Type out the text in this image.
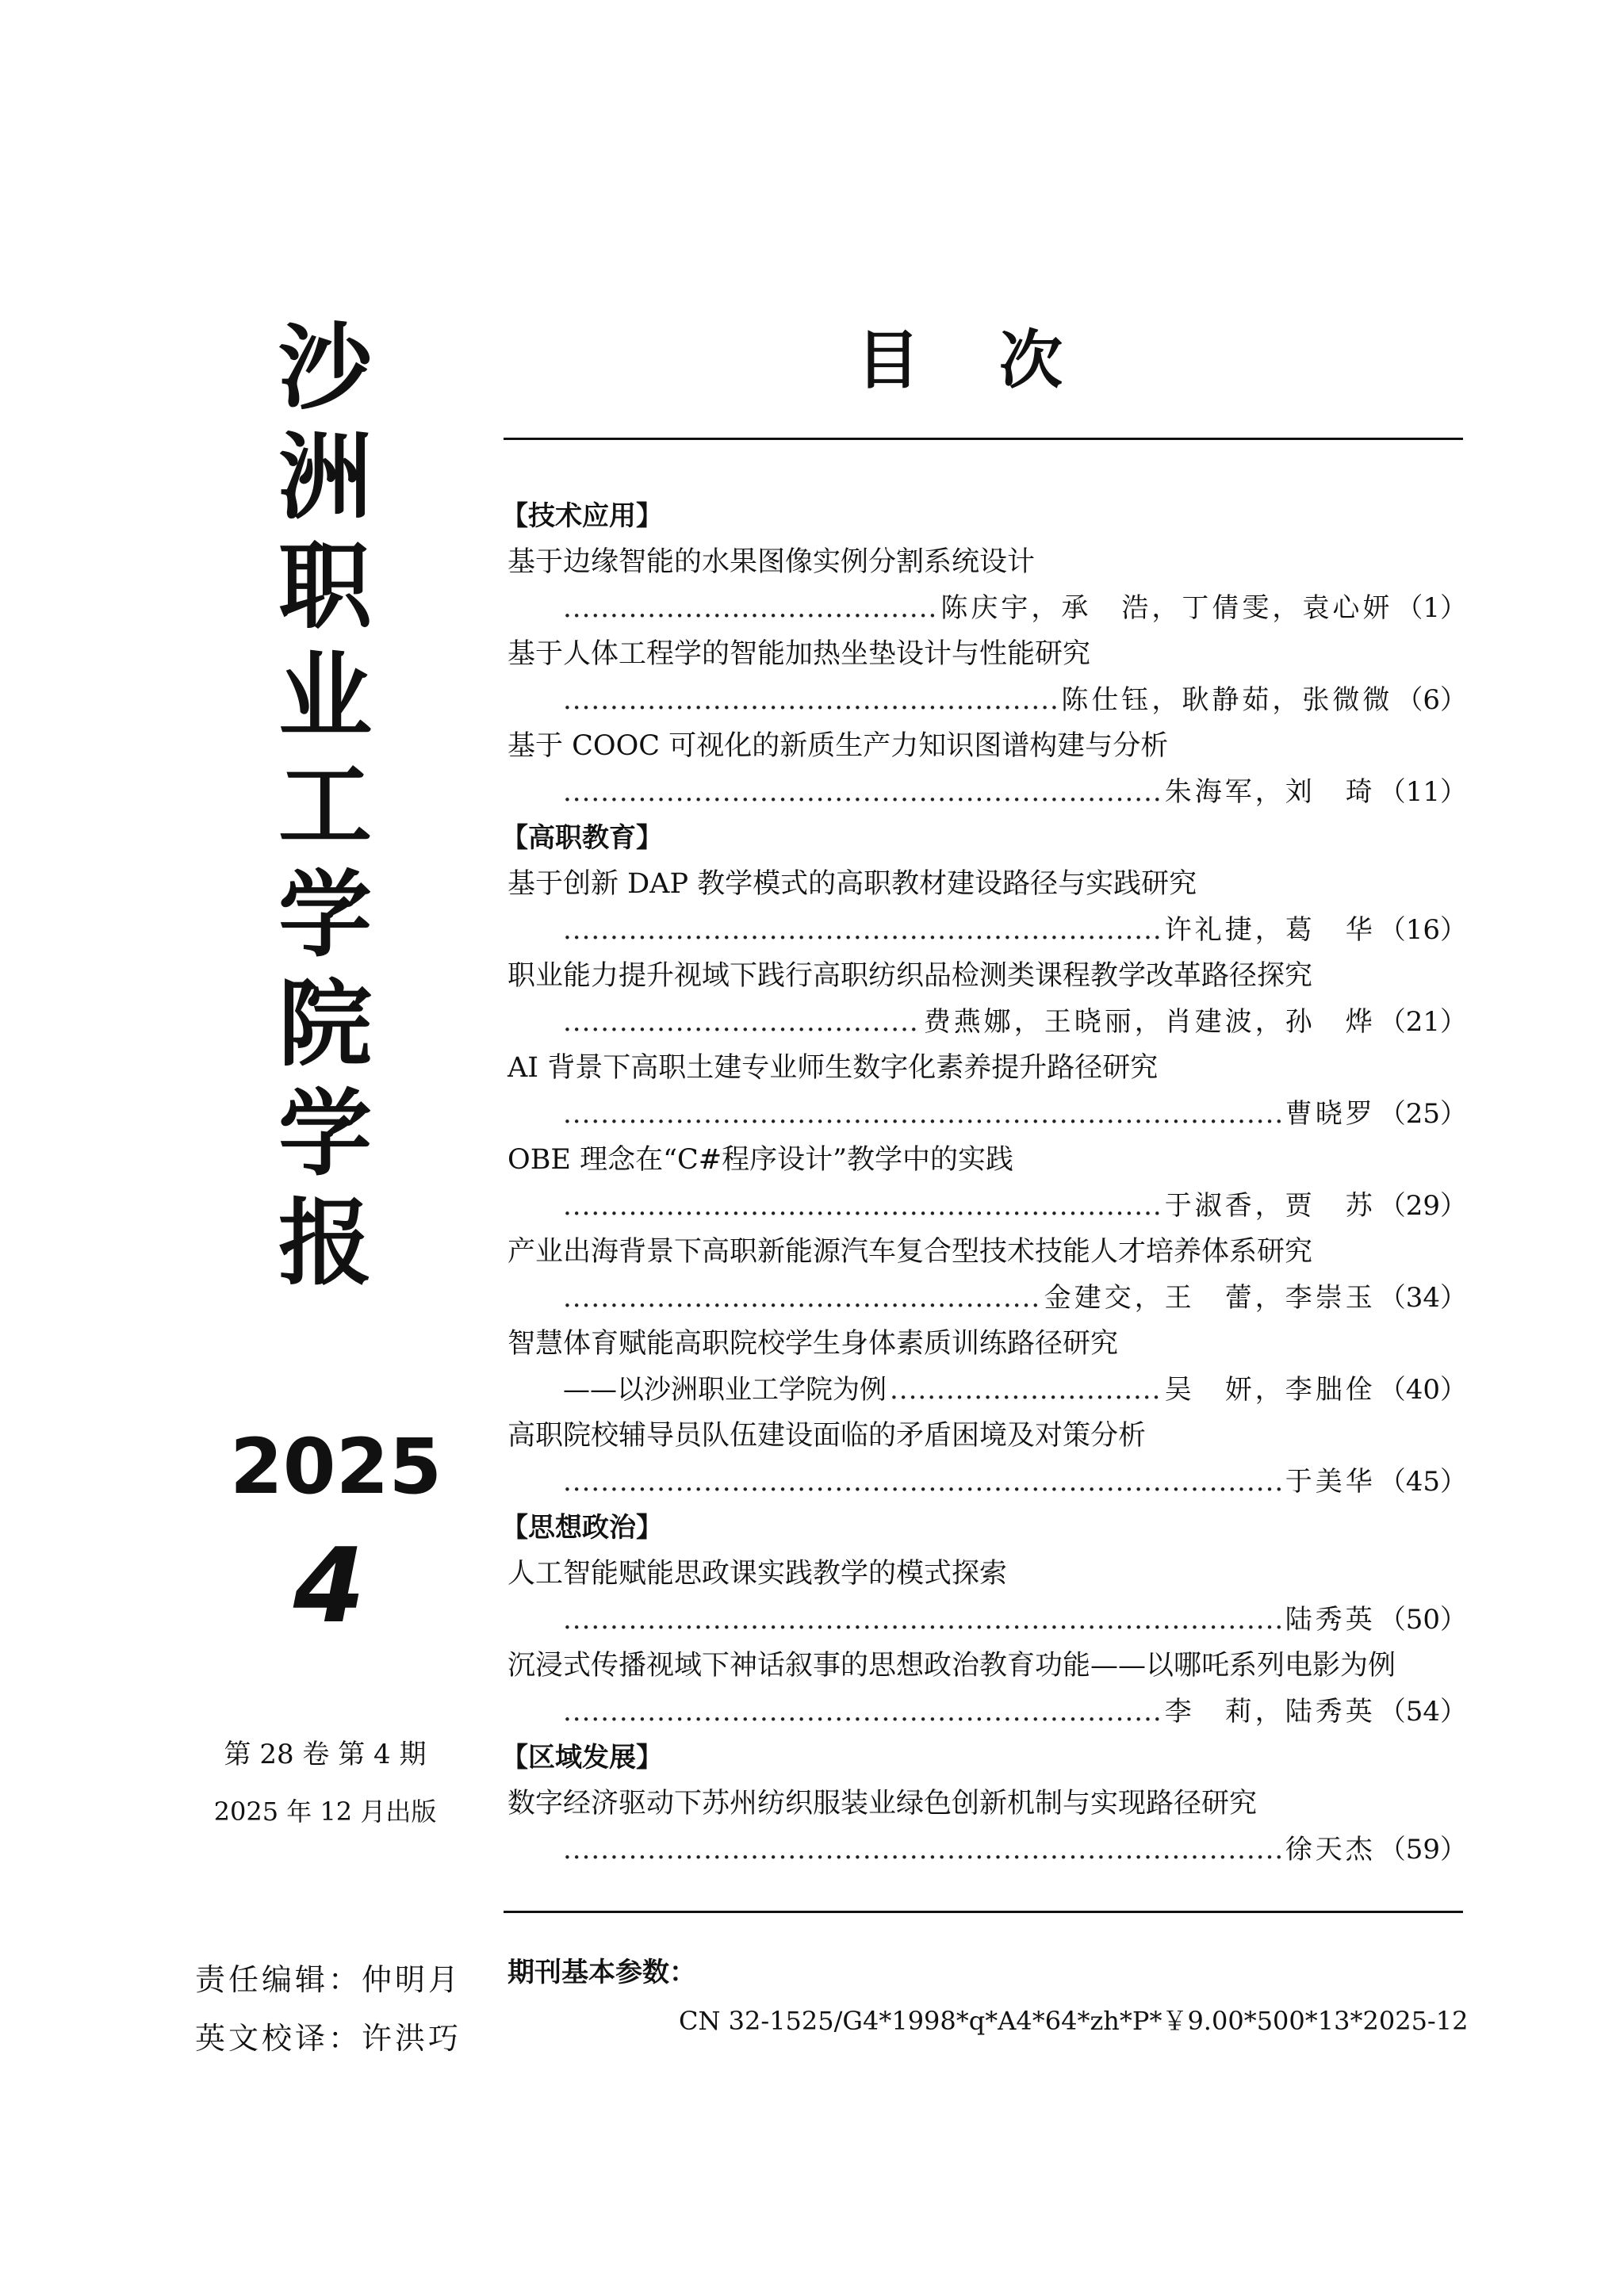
沙
洲
职
业
工
学
院
学
报
2025
4
第 28 卷 第 4 期
2025 年 12 月出版
责任编辑：仲明月
英文校译：许洪巧
目次
【技术应用】
基于边缘智能的水果图像实例分割系统设计
.....
陈庆宇，承　浩，丁倩雯，袁心妍 （1）
基于人体工程学的智能加热坐垫设计与性能研究
.....
陈仕钰，耿静茹，张微微 （6）
基于 COOC 可视化的新质生产力知识图谱构建与分析
.....
朱海军，刘　琦 （11）
【高职教育】
基于创新 DAP 教学模式的高职教材建设路径与实践研究
.....
许礼捷，葛　华 （16）
职业能力提升视域下践行高职纺织品检测类课程教学改革路径探究
.....
费燕娜，王晓丽，肖建波，孙　烨 （21）
AI 背景下高职土建专业师生数字化素养提升路径研究
.....
曹晓罗 （25）
OBE 理念在“C#程序设计”教学中的实践
.....
于淑香，贾　苏 （29）
产业出海背景下高职新能源汽车复合型技术技能人才培养体系研究
.....
金建交，王　蕾，李崇玉 （34）
智慧体育赋能高职院校学生身体素质训练路径研究
——以沙洲职业工学院为例
.....	吴　妍，李朏佺 （40）
高职院校辅导员队伍建设面临的矛盾困境及对策分析
.....
于美华 （45）
【思想政治】
人工智能赋能思政课实践教学的模式探索
.....
陆秀英 （50）
沉浸式传播视域下神话叙事的思想政治教育功能——以哪吒系列电影为例
.....
李　莉，陆秀英 （54）
【区域发展】
数字经济驱动下苏州纺织服装业绿色创新机制与实现路径研究
.....
徐天杰 （59）
期刊基本参数：
CN 32-1525/G4*1998*q*A4*64*zh*P*￥9.00*500*13*2025-12
